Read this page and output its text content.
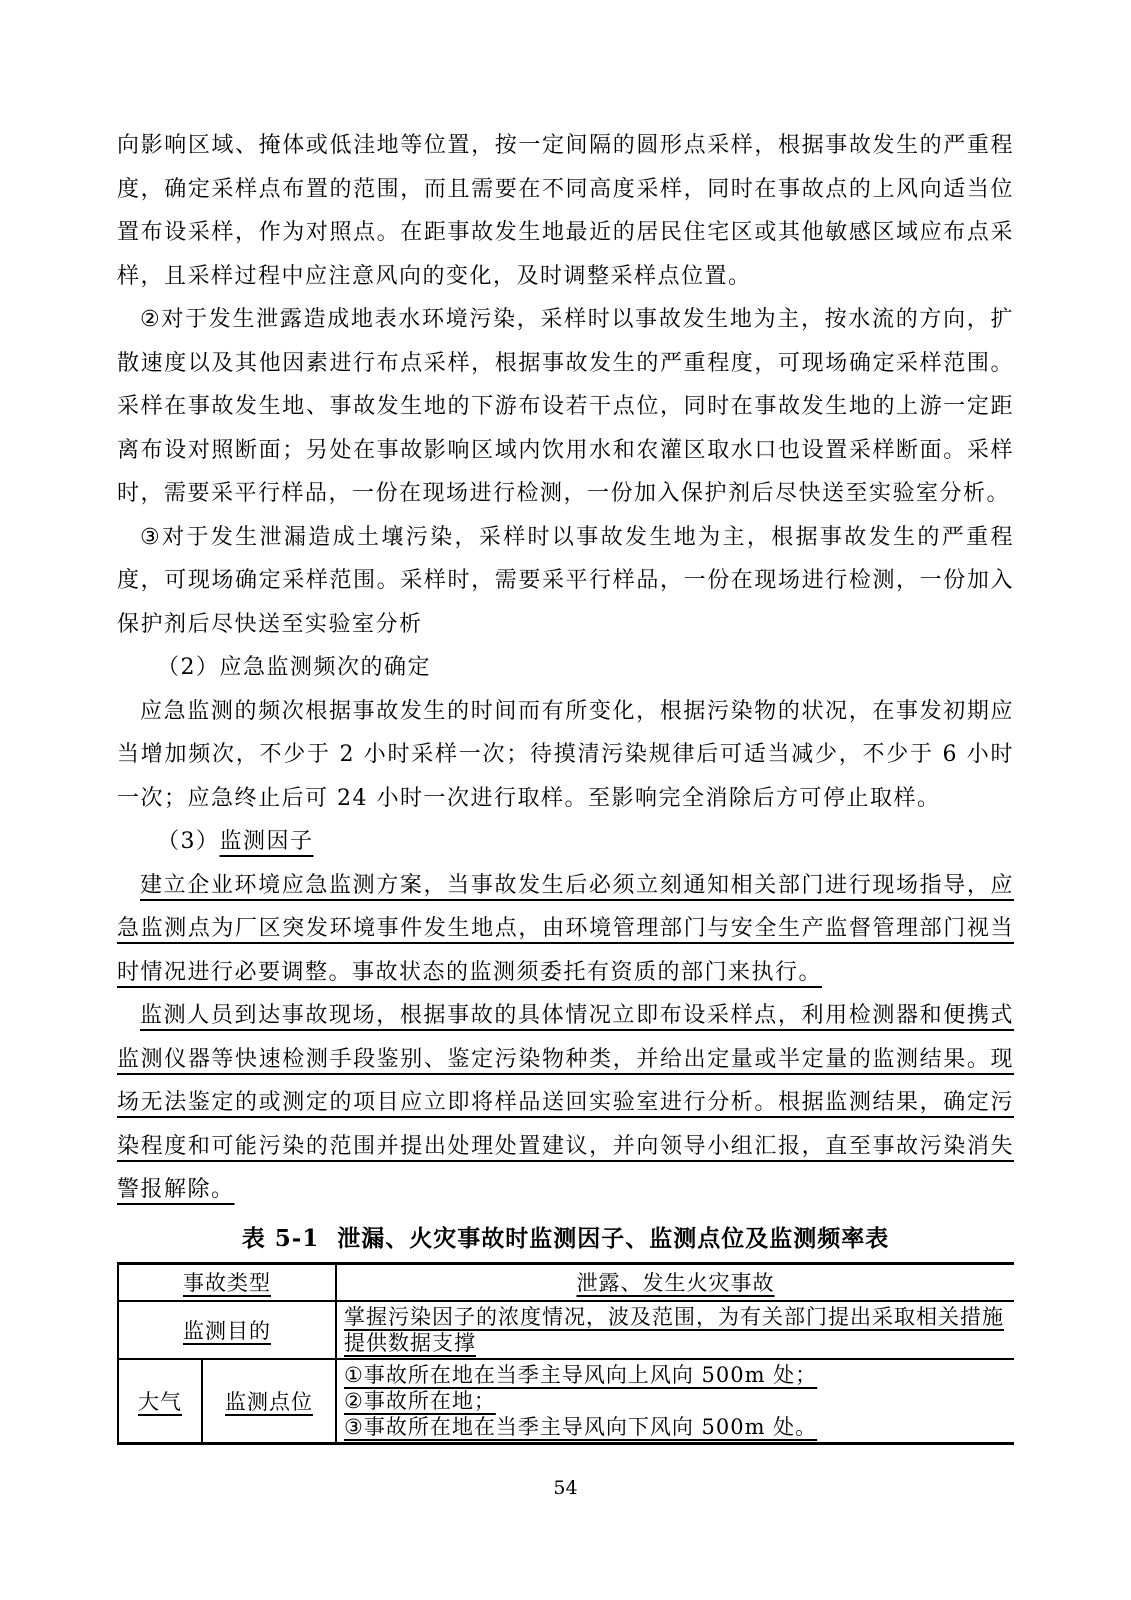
向影响区域、掩体或低洼地等位置，按一定间隔的圆形点采样，根据事故发生的严重程度，确定采样点布置的范围，而且需要在不同高度采样，同时在事故点的上风向适当位置布设采样，作为对照点。在距事故发生地最近的居民住宅区或其他敏感区域应布点采样，且采样过程中应注意风向的变化，及时调整采样点位置。

②对于发生泄露造成地表水环境污染，采样时以事故发生地为主，按水流的方向，扩散速度以及其他因素进行布点采样，根据事故发生的严重程度，可现场确定采样范围。采样在事故发生地、事故发生地的下游布设若干点位，同时在事故发生地的上游一定距离布设对照断面；另处在事故影响区域内饮用水和农灌区取水口也设置采样断面。采样时，需要采平行样品，一份在现场进行检测，一份加入保护剂后尽快送至实验室分析。

③对于发生泄漏造成土壤污染，采样时以事故发生地为主，根据事故发生的严重程度，可现场确定采样范围。采样时，需要采平行样品，一份在现场进行检测，一份加入保护剂后尽快送至实验室分析

（2）应急监测频次的确定

应急监测的频次根据事故发生的时间而有所变化，根据污染物的状况，在事发初期应当增加频次，不少于 2 小时采样一次；待摸清污染规律后可适当减少，不少于 6 小时一次；应急终止后可 24 小时一次进行取样。至影响完全消除后方可停止取样。

（3）监测因子

建立企业环境应急监测方案，当事故发生后必须立刻通知相关部门进行现场指导，应急监测点为厂区突发环境事件发生地点，由环境管理部门与安全生产监督管理部门视当时情况进行必要调整。事故状态的监测须委托有资质的部门来执行。

监测人员到达事故现场，根据事故的具体情况立即布设采样点，利用检测器和便携式监测仪器等快速检测手段鉴别、鉴定污染物种类，并给出定量或半定量的监测结果。现场无法鉴定的或测定的项目应立即将样品送回实验室进行分析。根据监测结果，确定污染程度和可能污染的范围并提出处理处置建议，并向领导小组汇报，直至事故污染消失警报解除。

表 5-1  泄漏、火灾事故时监测因子、监测点位及监测频率表
事故类型		泄露、发生火灾事故
监测目的		掌握污染因子的浓度情况，波及范围，为有关部门提出采取相关措施提供数据支撑
大气	监测点位	①事故所在地在当季主导风向上风向 500m 处；
②事故所在地；
③事故所在地在当季主导风向下风向 500m 处。
54
